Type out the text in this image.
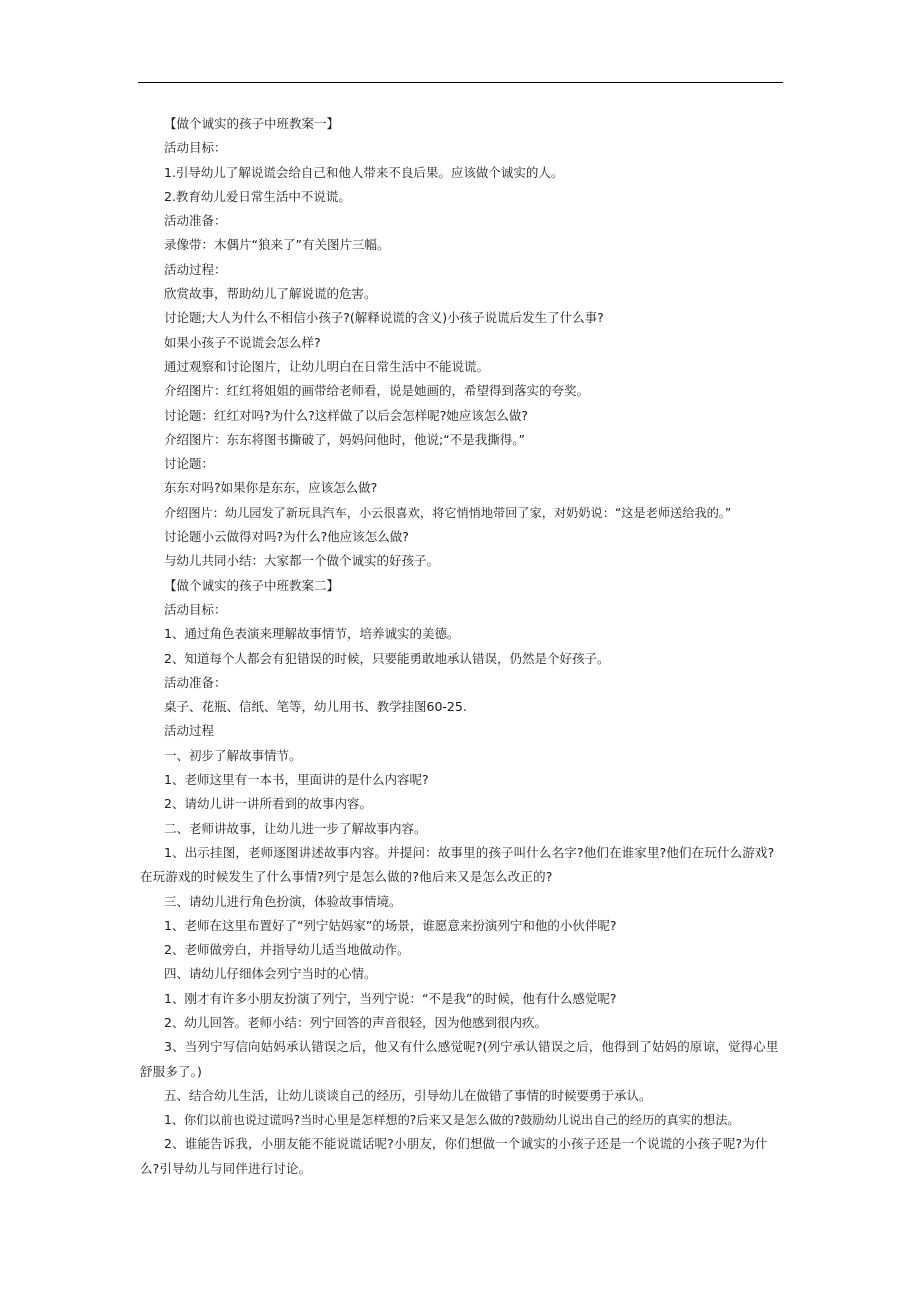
【做个诚实的孩子中班教案一】
活动目标：
1.引导幼儿了解说谎会给自己和他人带来不良后果。应该做个诚实的人。
2.教育幼儿爱日常生活中不说谎。
活动准备：
录像带：木偶片“狼来了”有关图片三幅。
活动过程：
欣赏故事，帮助幼儿了解说谎的危害。
讨论题;大人为什么不相信小孩子?(解释说谎的含义)小孩子说谎后发生了什么事?
如果小孩子不说谎会怎么样?
通过观察和讨论图片，让幼儿明白在日常生活中不能说谎。
介绍图片：红红将姐姐的画带给老师看，说是她画的，希望得到落实的夸奖。
讨论题：红红对吗?为什么?这样做了以后会怎样呢?她应该怎么做?
介绍图片：东东将图书撕破了，妈妈问他时，他说;“不是我撕得。”
讨论题：
东东对吗?如果你是东东，应该怎么做?
介绍图片：幼儿园发了新玩具汽车，小云很喜欢，将它悄悄地带回了家，对奶奶说：“这是老师送给我的。”
讨论题小云做得对吗?为什么?他应该怎么做?
与幼儿共同小结：大家都一个做个诚实的好孩子。
【做个诚实的孩子中班教案二】
活动目标：
1、通过角色表演来理解故事情节，培养诚实的美德。
2、知道每个人都会有犯错误的时候，只要能勇敢地承认错误，仍然是个好孩子。
活动准备：
桌子、花瓶、信纸、笔等，幼儿用书、教学挂图60-25.
活动过程
一、初步了解故事情节。
1、老师这里有一本书，里面讲的是什么内容呢?
2、请幼儿讲一讲所看到的故事内容。
二、老师讲故事，让幼儿进一步了解故事内容。
1、出示挂图，老师逐图讲述故事内容。并提问：故事里的孩子叫什么名字?他们在谁家里?他们在玩什么游戏?在玩游戏的时候发生了什么事情?列宁是怎么做的?他后来又是怎么改正的?
三、请幼儿进行角色扮演，体验故事情境。
1、老师在这里布置好了“列宁姑妈家”的场景，谁愿意来扮演列宁和他的小伙伴呢?
2、老师做旁白，并指导幼儿适当地做动作。
四、请幼儿仔细体会列宁当时的心情。
1、刚才有许多小朋友扮演了列宁，当列宁说：“不是我”的时候，他有什么感觉呢?
2、幼儿回答。老师小结：列宁回答的声音很轻，因为他感到很内疚。
3、当列宁写信向姑妈承认错误之后，他又有什么感觉呢?(列宁承认错误之后，他得到了姑妈的原谅，觉得心里舒服多了。)
五、结合幼儿生活，让幼儿谈谈自己的经历，引导幼儿在做错了事情的时候要勇于承认。
1、你们以前也说过谎吗?当时心里是怎样想的?后来又是怎么做的?鼓励幼儿说出自己的经历的真实的想法。
2、谁能告诉我，小朋友能不能说谎话呢?小朋友，你们想做一个诚实的小孩子还是一个说谎的小孩子呢?为什么?引导幼儿与同伴进行讨论。
